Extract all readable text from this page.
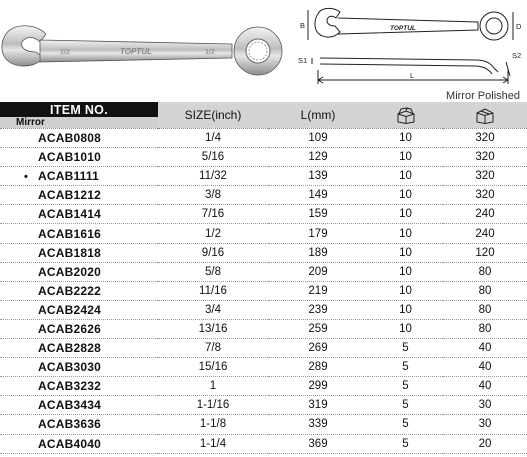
1/2	TOPTUL	1/2
TOPTUL
B	D
S1
S2
L
Mirror Polished
ITEM NO.
Mirror	SIZE(inch)	L(mm)		
ACAB0808	1/4	109	10	320
ACAB1010	5/16	129	10	320

• ACAB1111	11/32	139	10	320
ACAB1212	3/8	149	10	320
ACAB1414	7/16	159	10	240
ACAB1616	1/2	179	10	240
ACAB1818	9/16	189	10	120
ACAB2020	5/8	209	10	80
ACAB2222	11/16	219	10	80
ACAB2424	3/4	239	10	80
ACAB2626	13/16	259	10	80
ACAB2828	7/8	269	5	40
ACAB3030	15/16	289	5	40
ACAB3232	1	299	5	40
ACAB3434	1-1/16	319	5	30
ACAB3636	1-1/8	339	5	30
ACAB4040	1-1/4	369	5	20
